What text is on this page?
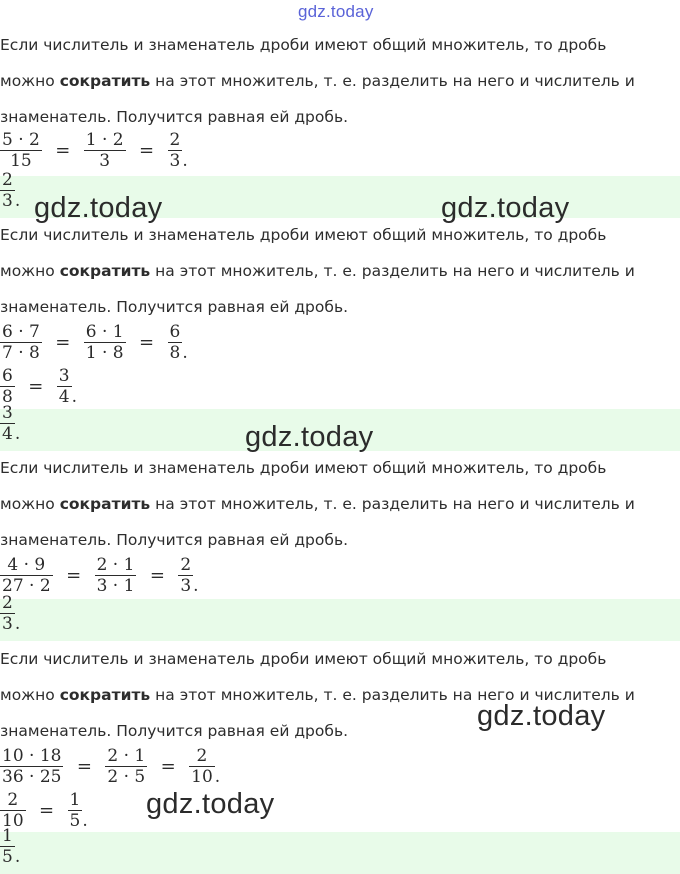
gdz.today
Если числитель и знаменатель дроби имеют общий множитель, то дробь
можно сократить на этот множитель, т. е. разделить на него и числитель и
знаменатель. Получится равная ей дробь.
$\frac{5 \cdot 2}{15} = \frac{1 \cdot 2}{3} = \frac{2}{3}$ .
$\frac{2}{3}$ . gdz.today	gdz.today
Если числитель и знаменатель дроби имеют общий множитель, то дробь
можно сократить на этот множитель, т. е. разделить на него и числитель и
знаменатель. Получится равная ей дробь.
$\frac{6 \cdot 7}{7 \cdot 8} = \frac{6 \cdot 1}{1 \cdot 8} = \frac{6}{8}$ .
$\frac{6}{8} = \frac{3}{4}$ .
$\frac{3}{4}$ .	gdz.today
Если числитель и знаменатель дроби имеют общий множитель, то дробь
можно сократить на этот множитель, т. е. разделить на него и числитель и
знаменатель. Получится равная ей дробь.
$\frac{4 \cdot 9}{27 \cdot 2} = \frac{2 \cdot 1}{3 \cdot 1} = \frac{2}{3}$ .
$\frac{2}{3}$ .
Если числитель и знаменатель дроби имеют общий множитель, то дробь
можно сократить на этот множитель, т. е. разделить на него и числитель и
знаменатель. Получится равная ей дробь.	gdz.today
$\frac{10 \cdot 18}{36 \cdot 25} = \frac{2 \cdot 1}{2 \cdot 5} = \frac{2}{10}$ .
$\frac{2}{10} = \frac{1}{5}$ .
gdz.today
$\frac{1}{5}$ .
